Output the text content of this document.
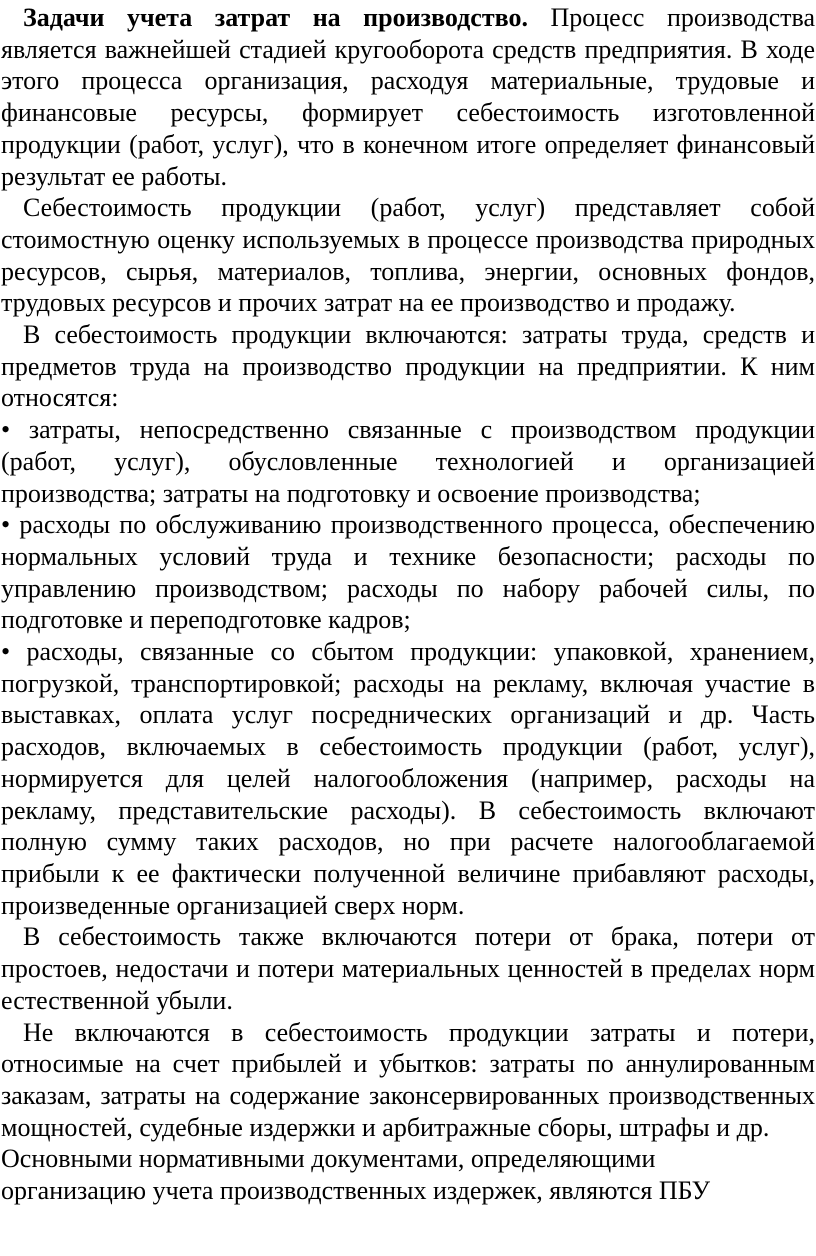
Задачи учета затрат на производство. Процесс производства является важнейшей стадией кругооборота средств предприятия. В ходе этого процесса организация, расходуя материальные, трудовые и финансовые ресурсы, формирует себестоимость изготовленной продукции (работ, услуг), что в конечном итоге определяет финансовый результат ее работы.

Себестоимость продукции (работ, услуг) представляет собой стоимостную оценку используемых в процессе производства природных ресурсов, сырья, материалов, топлива, энергии, основных фондов, трудовых ресурсов и прочих затрат на ее производство и продажу.

В себестоимость продукции включаются: затраты труда, средств и предметов труда на производство продукции на предприятии. К ним относятся:

• затраты, непосредственно связанные с производством продукции (работ, услуг), обусловленные технологией и организацией производства; затраты на подготовку и освоение производства;

• расходы по обслуживанию производственного процесса, обеспечению нормальных условий труда и технике безопасности; расходы по управлению производством; расходы по набору рабочей силы, по подготовке и переподготовке кадров;

• расходы, связанные со сбытом продукции: упаковкой, хранением, погрузкой, транспортировкой; расходы на рекламу, включая участие в выставках, оплата услуг посреднических организаций и др. Часть расходов, включаемых в себестоимость продукции (работ, услуг), нормируется для целей налогообложения (например, расходы на рекламу, представительские расходы). В себестоимость включают полную сумму таких расходов, но при расчете налогооблагаемой прибыли к ее фактически полученной величине прибавляют расходы, произведенные организацией сверх норм.

В себестоимость также включаются потери от брака, потери от простоев, недостачи и потери материальных ценностей в пределах норм естественной убыли.

Не включаются в себестоимость продукции затраты и потери, относимые на счет прибылей и убытков: затраты по аннулированным заказам, затраты на содержание законсервированных производственных мощностей, судебные издержки и арбитражные сборы, штрафы и др.

Основными нормативными документами, определяющими
организацию учета производственных издержек, являются ПБУ
